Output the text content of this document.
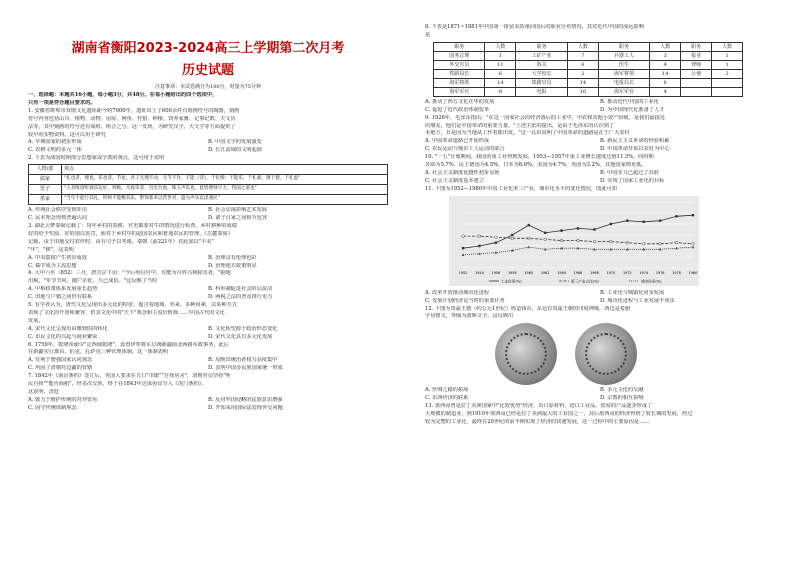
湖南省衡阳2023-2024高三上学期第二次月考
历史试题
注意事项：本试卷满分为100分，时量为75分钟

一、选择题：本题共16小题，每小题3分，共48分。在每小题给出的四个选项中，

只有一项是符合题目要求的。

1. 安徽省蚌埠市双墩文化遗址距今约7000年，遗址出土了600余件有刻画符号的陶器，刻画

符号内容包括山川、植物、动物、房屋、网鱼、狩猎、种植、饲养家畜、记事记数、天文历

法等，其中刻画的符号还有成组、组合之分。这一发现，为研究汉字、天文学等方面提供了

较早的实物资料。这可以用于研究

A. 早期国家的初步形成	B. 中国文字的发展演变
C. 农耕文明的多元一体	D. 长江流域的文明起源

2. 下表为战国时期部分思想家或学派的观点，这可用于说明

人物/派	观点
儒家	"礼也者，理也。乐也者，节也。君子无理不动，无节不作。不能《诗》，于礼缪；不能乐，于礼素；薄于德，于礼虚"
管子	"人君唯毋听观乐玩好，则败。凡观乐者，宫室台池，珠玉声乐也。此皆费财尽力，伤国之道也"
墨家	"当年不能行其礼，积财不能赡其乐，繁饰邪术以营世君，盛为声乐以淫遇民"
A. 传统社会秩序受到冲击	B. 社会动荡影响艺术发展
C. 民本理念得到普遍认同	D. 诸子百家之间相互包容

3. 湖北云梦秦简记载了：每年乡村的春耕、官吏都要对牛的情况进行检查，乡村耕种的成绩

好的给予奖励，好的加以惩罚，而对于乡村中的赵国农民和普通农民的管理，《岳麓秦简》

记载，由于田地交付农作时，由有司予以考课。秦朝（前221年）对此加以"丰美"

"年"，"耕"。这表明

A. 中央集权产生初步成效	B. 治理具有伦理色彩
C. 儒学成为主流思想	D. 治理地方政策明显

4. 大中六年（852）三月，唐宣宗下诏："今后州县官中，有能为百姓兴利除害者，"据地

出税，"年节节同，随户杂征，久已成俗。"这反映了当时

A. 中枢政策体系发展重长趋势	B. 科举制促进社会阶层流动
C. 田地与户籍之间仍有联系	D. 两税之法的普及推行更力

5. 有学者认为，唐代文化呈现出多元化的特征，蕴含着地域、外来、多种因素，以某种方式

表现了文化的开放和兼容，但其文化中的"天下"观念和主流价值观……中国古代的文化

发展，

A. 宋代文化呈现出由雅到俗的转化	B. 文化转型源于政治形态变化
C. 市民文化的兴起与商业繁荣	D. 宋代文化具有多元化发展

6. 1759年，乾隆帝谕令"定西域乾隆"，设置伊犁将军总统新疆南北两路军政事务，此后

在新疆实行郡县、伯克、扎萨克三种管理体制。这一体制表明

A. 有利于增强国家认同观念	B. 反映出统治者权力高度集中
C. 巩固了清朝对边疆的管辖	D. 表明中国多民族国家统一形成

7. 1842年《南京条约》签订后，英国人要求在五口"市廛""自择房舍"，清朝官员坚持"听

民自择""能否商租"，经多次交涉，终于在1843年达成协议写入《虎门条约》。

这说明，清廷

A. 致力于维护传统的对外贸易	B. 反对外国侵略的民族意识增强
C. 固守传统体制观念	D. 开始采用国际法处理外交问题

8. 下表是1871~1881年中国第一批留美幼童回国后的职业分布情况，其对近代中国的深远影响

是

职务	人数	职务	人数	职务	人数	职务	人数
国务总理	1	工矿产业	7	兵器工人	3	报业	1
外交官员	11	海关	6	医生	4	律师	1
铁路局长	6	大学校长	2	海军将领	14	公使	2
海军将领	14	铁路官员	14	电报局长	6		
海军军官	8	电报	16	海军军官	4		
A. 推动了西方文化在华的发展	B. 推动近代中国的工业化
C. 促进了近代政治体制变革	D. 为中国现代化准备了人才

9. 1926年，毛泽东指出："在这一国家社会的经济落后的工业中，中农和其他小资产阶级，是我们最接近

的朋友，他们是中国革命的重要力量。"上述主张的提出，是由于毛泽东的认识到了

本地方，且是因为当地从工作着眼出发。"这一认识说明了中国革命的道路是在于广大农村

A. 中国革命道路已开始形成	B. 新民主主义革命的经验积累
C. 农民运动与城市工人运动的联合	D. 中国革命开始以农村为中心

10. "一五"计划期间，我国的重工业得到发展，1953—1957年重工业增长速度达到11.3%，同时期

苏联为5.7%，民主德国为4.5%，日本为8.6%，美国为4.7%，英国为3.2%，其他国家则更低。

A. 社会主义制度优越性初步显现	B. 中国实力已超过了苏联
C. 社会主义制度基本建立	D. 实现了国家工业化的目标

11. 下图为1952—1980年中国工业化率三产业，城市化水平的变化情况，图此可知

1952 1954 1956 1958 1960 1962 1964 1966 1968 1970 1972 1974 1976 1978 1980
工业化率(%)	第三产业占比(%)	城市化率(%)
A. 改革开放推动城市化进程	B. 工业化与城镇化同步发展
C. 发展计划经济是当时的重要任务	D. 城市化进程与工业发展不同步

12. 下图为贵霜王朝（约公元1世纪）铸造钱币，东边有贵霜王朝的印度神像，西边是希腊

字母铭文，外圈为波斯文字。这反映出

A. 丝绸之路的拓展	B. 多元文化的交融
C. 东西经济的联系	D. 宗教的相互影响

13. 墨西哥曾是拉丁美洲国家中"比较优势"经济，出口原材料，进口工业品。贸易的产品逐步形成了

大规模的制造业。到1910年墨西哥已经是拉丁美洲最大的工业国之一，其后墨西哥的经济得到了较长期的发展，经过

较为完整的工业化，最终在20世纪的前半期实现了经济的快速发展，这一过程中的主要原因是……
